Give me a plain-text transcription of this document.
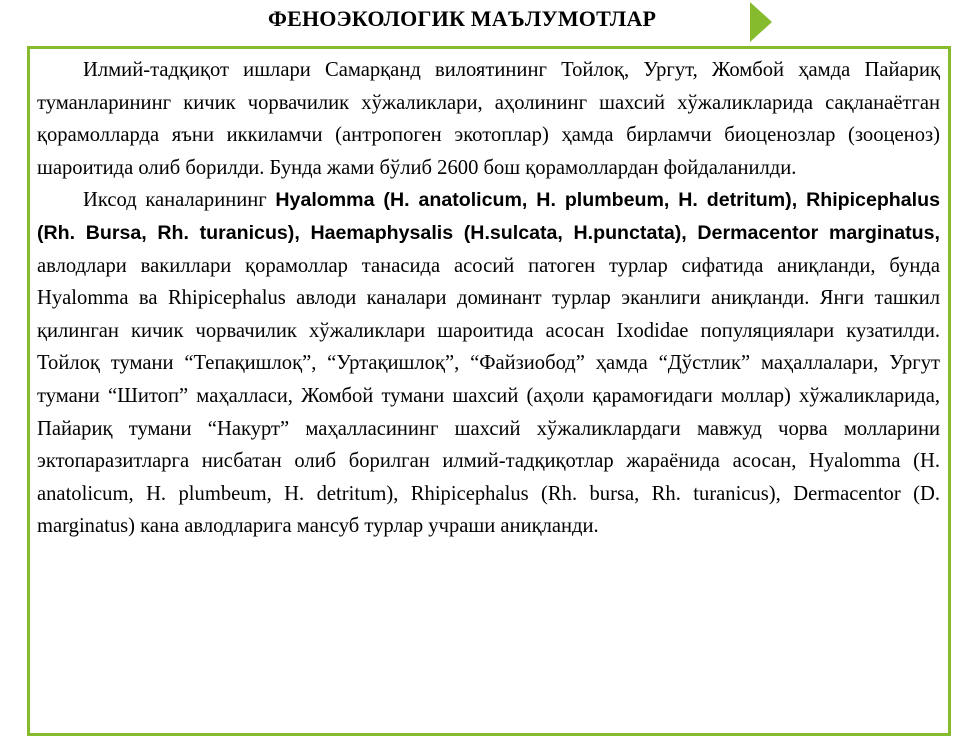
ФЕНОЭКОЛОГИК МАЪЛУМОТЛАР

Илмий-тадқиқот ишлари Самарқанд вилоятининг Тойлоқ, Ургут, Жомбой ҳамда Пайариқ туманларининг кичик чорвачилик хўжаликлари, аҳолининг шахсий хўжаликларида сақланаётган қорамолларда яъни иккиламчи (антропоген экотоплар) ҳамда бирламчи биоценозлар (зооценоз) шароитида олиб борилди. Бунда жами бўлиб 2600 бош қорамоллардан фойдаланилди.

Иксод каналарининг Hyalomma (H. anatolicum, H. plumbeum, H. detritum), Rhipicephalus (Rh. Bursa, Rh. turanicus), Haemaphysalis (H.sulcata, H.punctata), Dermacentor marginatus, авлодлари вакиллари қорамоллар танасида асосий патоген турлар сифатида аниқланди, бунда Hyalomma ва Rhipicephalus авлоди каналари доминант турлар эканлиги аниқланди. Янги ташкил қилинган кичик чорвачилик хўжаликлари шароитида асосан Ixodidae популяциялари кузатилди. Тойлоқ тумани “Тепақишлоқ”, “Уртақишлоқ”, “Файзиобод” ҳамда “Дўстлик” маҳаллалари, Ургут тумани “Шитоп” маҳалласи, Жомбой тумани шахсий (аҳоли қарамоғидаги моллар) хўжаликларида, Пайариқ тумани “Накурт” маҳалласининг шахсий хўжаликлардаги мавжуд чорва молларини эктопаразитларга нисбатан олиб борилган илмий-тадқиқотлар жараёнида асосан, Hyalomma (H. anatolicum, H. plumbeum, H. detritum), Rhipicephalus (Rh. bursa, Rh. turanicus), Dermacentor (D. marginatus) кана авлодларига мансуб турлар учраши аниқланди.
